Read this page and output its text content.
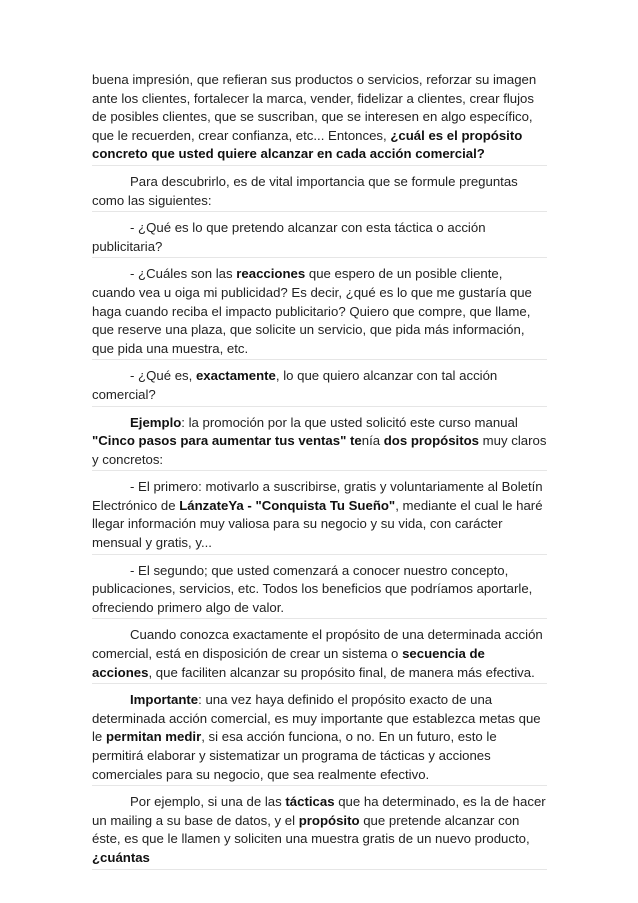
buena impresión, que refieran sus productos o servicios, reforzar su imagen ante los clientes, fortalecer la marca, vender, fidelizar a clientes, crear flujos de posibles clientes, que se suscriban, que se interesen en algo específico, que le recuerden, crear confianza, etc... Entonces, ¿cuál es el propósito concreto que usted quiere alcanzar en cada acción comercial?

Para descubrirlo, es de vital importancia que se formule preguntas como las siguientes:

- ¿Qué es lo que pretendo alcanzar con esta táctica o acción publicitaria?

- ¿Cuáles son las reacciones que espero de un posible cliente, cuando vea u oiga mi publicidad? Es decir, ¿qué es lo que me gustaría que haga cuando reciba el impacto publicitario? Quiero que compre, que llame, que reserve una plaza, que solicite un servicio, que pida más información, que pida una muestra, etc.

- ¿Qué es, exactamente, lo que quiero alcanzar con tal acción comercial?

Ejemplo: la promoción por la que usted solicitó este curso manual "Cinco pasos para aumentar tus ventas" tenía dos propósitos muy claros y concretos:

- El primero: motivarlo a suscribirse, gratis y voluntariamente al Boletín Electrónico de LánzateYa - "Conquista Tu Sueño", mediante el cual le haré llegar información muy valiosa para su negocio y su vida, con carácter mensual y gratis, y...

- El segundo; que usted comenzará a conocer nuestro concepto, publicaciones, servicios, etc. Todos los beneficios que podríamos aportarle, ofreciendo primero algo de valor.

Cuando conozca exactamente el propósito de una determinada acción comercial, está en disposición de crear un sistema o secuencia de acciones, que faciliten alcanzar su propósito final, de manera más efectiva.

Importante: una vez haya definido el propósito exacto de una determinada acción comercial, es muy importante que establezca metas que le permitan medir, si esa acción funciona, o no. En un futuro, esto le permitirá elaborar y sistematizar un programa de tácticas y acciones comerciales para su negocio, que sea realmente efectivo.

Por ejemplo, si una de las tácticas que ha determinado, es la de hacer un mailing a su base de datos, y el propósito que pretende alcanzar con éste, es que le llamen y soliciten una muestra gratis de un nuevo producto, ¿cuántas
